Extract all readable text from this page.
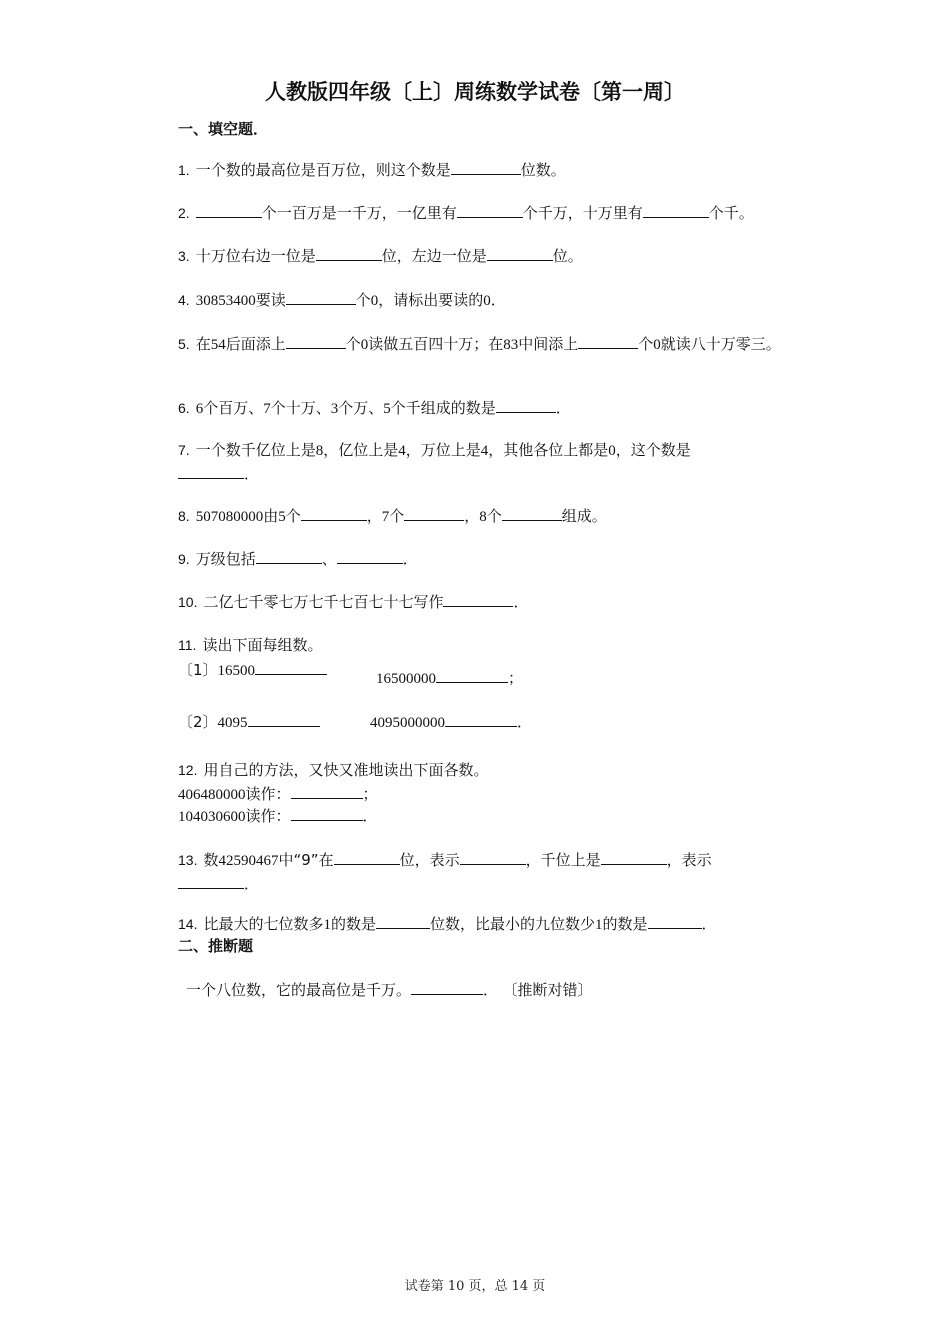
人教版四年级〔上〕周练数学试卷〔第一周〕
一、填空题．
1. 一个数的最高位是百万位，则这个数是	位数。
2.	个一百万是一千万，一亿里有	个千万，十万里有	个千。
3. 十万位右边一位是	位，左边一位是	位。
4. 30853400要读	个0，请标出要读的0．
5. 在54后面添上	个0读做五百四十万；在83中间添上	个0就读八十万零三。
6. 6个百万、7个十万、3个万、5个千组成的数是	．
7. 一个数千亿位上是8，亿位上是4，万位上是4，其他各位上都是0，这个数是
．
8. 507080000由5个	，7个	，8个	组成。
9. 万级包括	、	．
10. 二亿七千零七万七千七百七十七写作	．
11. 读出下面每组数。
〔1〕16500	16500000	；
〔2〕4095	4095000000	．
12. 用自己的方法，又快又准地读出下面各数。
406480000读作：	；
104030600读作：	．
13. 数42590467中“9”在	位，表示	，千位上是	，表示
．
14. 比最大的七位数多1的数是	位数，比最小的九位数少1的数是	．
二、推断题
一个八位数，它的最高位是千万。	． 〔推断对错〕
试卷第 10 页，总 14 页
